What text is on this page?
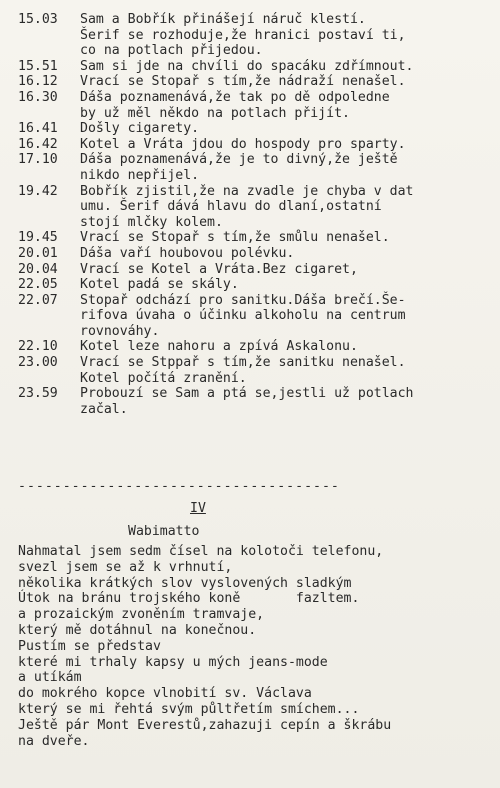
15.03	Sam a Bobřík přinášejí náruč klestí.
Šerif se rozhoduje,že hranici postaví ti,
co na potlach přijedou.
15.51	Sam si jde na chvíli do spacáku zdřímnout.
16.12	Vrací se Stopař s tím,že nádraží nenašel.
16.30	Dáša poznamenává,že tak po dě odpoledne
by už měl někdo na potlach přijít.
16.41	Došly cigarety.
16.42	Kotel a Vráta jdou do hospody pro sparty.
17.10	Dáša poznamenává,že je to divný,že ještě
nikdo nepřijel.
19.42	Bobřík zjistil,že na zvadle je chyba v dat
umu. Šerif dává hlavu do dlaní,ostatní
stojí mlčky kolem.
19.45	Vrací se Stopař s tím,že smůlu nenašel.
20.01	Dáša vaří houbovou polévku.
20.04	Vrací se Kotel a Vráta.Bez cigaret,
22.05	Kotel padá se skály.
22.07	Stopař odchází pro sanitku.Dáša brečí.Še-
rifova úvaha o účinku alkoholu na centrum
rovnováhy.
22.10	Kotel leze nahoru a zpívá Askalonu.
23.00	Vrací se Stppař s tím,že sanitku nenašel.
Kotel počítá zranění.
23.59	Probouzí se Sam a ptá se,jestli už potlach
začal.
------------------------------------
IV
Wabimatto
Nahmatal jsem sedm čísel na kolotoči telefonu,
svezl jsem se až k vrhnutí,
několika krátkých slov vyslovených sladkým
Útok na bránu trojského koně       fazltem.
a prozaickým zvoněním tramvaje,
který mě dotáhnul na konečnou.
Pustím se představ
které mi trhaly kapsy u mých jeans-mode
a utíkám
do mokrého kopce vlnobití sv. Václava
který se mi řehtá svým půltřetím smíchem...
Ještě pár Mont Everestů,zahazuji cepín a škrábu
na dveře.
